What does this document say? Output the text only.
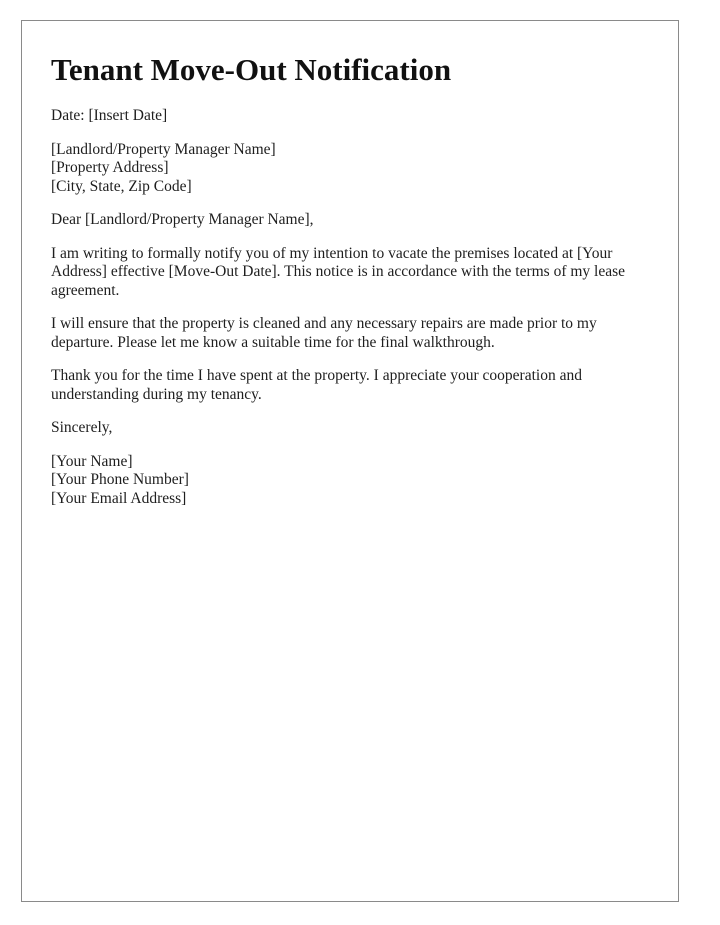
Tenant Move-Out Notification

Date: [Insert Date]

[Landlord/Property Manager Name]
[Property Address]
[City, State, Zip Code]

Dear [Landlord/Property Manager Name],

I am writing to formally notify you of my intention to vacate the premises located at [Your Address] effective [Move-Out Date]. This notice is in accordance with the terms of my lease agreement.

I will ensure that the property is cleaned and any necessary repairs are made prior to my departure. Please let me know a suitable time for the final walkthrough.

Thank you for the time I have spent at the property. I appreciate your cooperation and understanding during my tenancy.

Sincerely,

[Your Name]
[Your Phone Number]
[Your Email Address]
